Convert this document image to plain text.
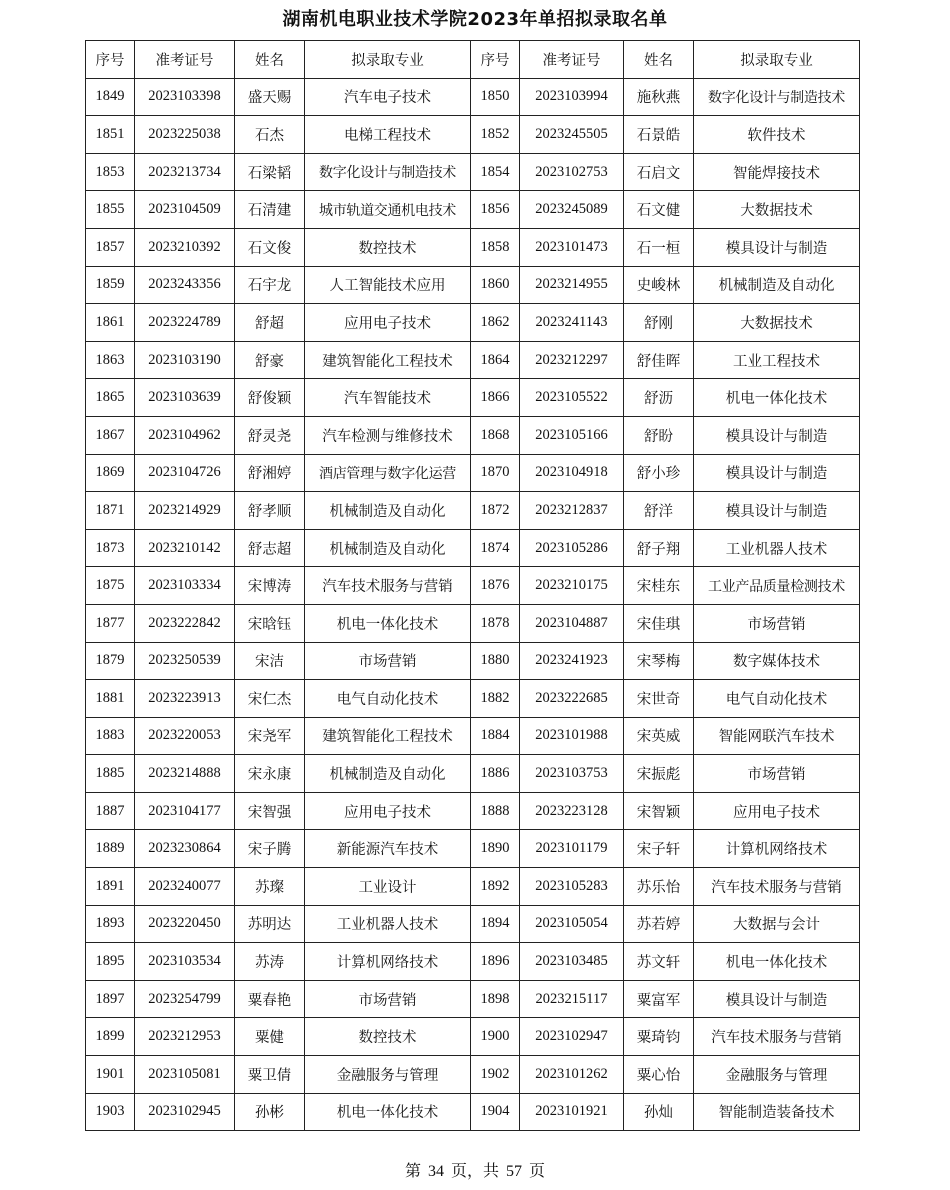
湖南机电职业技术学院2023年单招拟录取名单
序号	准考证号	姓名	拟录取专业	序号	准考证号	姓名	拟录取专业
1849	2023103398	盛天赐	汽车电子技术	1850	2023103994	施秋燕	数字化设计与制造技术
1851	2023225038	石杰	电梯工程技术	1852	2023245505	石景皓	软件技术
1853	2023213734	石梁韬	数字化设计与制造技术	1854	2023102753	石启文	智能焊接技术
1855	2023104509	石清建	城市轨道交通机电技术	1856	2023245089	石文健	大数据技术
1857	2023210392	石文俊	数控技术	1858	2023101473	石一桓	模具设计与制造
1859	2023243356	石宇龙	人工智能技术应用	1860	2023214955	史峻林	机械制造及自动化
1861	2023224789	舒超	应用电子技术	1862	2023241143	舒刚	大数据技术
1863	2023103190	舒豪	建筑智能化工程技术	1864	2023212297	舒佳晖	工业工程技术
1865	2023103639	舒俊颖	汽车智能技术	1866	2023105522	舒沥	机电一体化技术
1867	2023104962	舒灵尧	汽车检测与维修技术	1868	2023105166	舒盼	模具设计与制造
1869	2023104726	舒湘婷	酒店管理与数字化运营	1870	2023104918	舒小珍	模具设计与制造
1871	2023214929	舒孝顺	机械制造及自动化	1872	2023212837	舒洋	模具设计与制造
1873	2023210142	舒志超	机械制造及自动化	1874	2023105286	舒子翔	工业机器人技术
1875	2023103334	宋博涛	汽车技术服务与营销	1876	2023210175	宋桂东	工业产品质量检测技术
1877	2023222842	宋晗钰	机电一体化技术	1878	2023104887	宋佳琪	市场营销
1879	2023250539	宋洁	市场营销	1880	2023241923	宋琴梅	数字媒体技术
1881	2023223913	宋仁杰	电气自动化技术	1882	2023222685	宋世奇	电气自动化技术
1883	2023220053	宋尧军	建筑智能化工程技术	1884	2023101988	宋英威	智能网联汽车技术
1885	2023214888	宋永康	机械制造及自动化	1886	2023103753	宋振彪	市场营销
1887	2023104177	宋智强	应用电子技术	1888	2023223128	宋智颖	应用电子技术
1889	2023230864	宋子腾	新能源汽车技术	1890	2023101179	宋子轩	计算机网络技术
1891	2023240077	苏璨	工业设计	1892	2023105283	苏乐怡	汽车技术服务与营销
1893	2023220450	苏明达	工业机器人技术	1894	2023105054	苏若婷	大数据与会计
1895	2023103534	苏涛	计算机网络技术	1896	2023103485	苏文轩	机电一体化技术
1897	2023254799	粟春艳	市场营销	1898	2023215117	粟富军	模具设计与制造
1899	2023212953	粟健	数控技术	1900	2023102947	粟琦钧	汽车技术服务与营销
1901	2023105081	粟卫倩	金融服务与管理	1902	2023101262	粟心怡	金融服务与管理
1903	2023102945	孙彬	机电一体化技术	1904	2023101921	孙灿	智能制造装备技术
第 34 页，共 57 页
